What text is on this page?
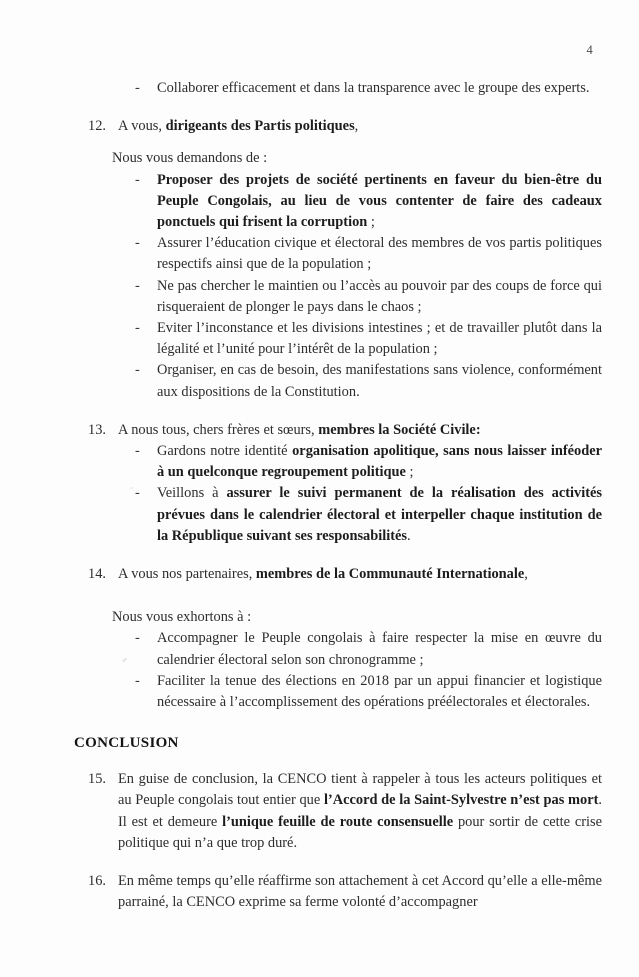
4
- Collaborer efficacement et dans la transparence avec le groupe des experts.
12. A vous, dirigeants des Partis politiques,
Nous vous demandons de :
- Proposer des projets de société pertinents en faveur du bien-être du Peuple Congolais, au lieu de vous contenter de faire des cadeaux ponctuels qui frisent la corruption ;
- Assurer l’éducation civique et électoral des membres de vos partis politiques respectifs ainsi que de la population ;
- Ne pas chercher le maintien ou l’accès au pouvoir par des coups de force qui risqueraient de plonger le pays dans le chaos ;
- Eviter l’inconstance et les divisions intestines ; et de travailler plutôt dans la légalité et l’unité pour l’intérêt de la population ;
- Organiser, en cas de besoin, des manifestations sans violence, conformément aux dispositions de la Constitution.
13. A nous tous, chers frères et sœurs, membres la Société Civile:
- Gardons notre identité organisation apolitique, sans nous laisser inféoder à un quelconque regroupement politique ;
- Veillons à assurer le suivi permanent de la réalisation des activités prévues dans le calendrier électoral et interpeller chaque institution de la République suivant ses responsabilités.
14. A vous nos partenaires, membres de la Communauté Internationale,
Nous vous exhortons à :
- Accompagner le Peuple congolais à faire respecter la mise en œuvre du calendrier électoral selon son chronogramme ;
- Faciliter la tenue des élections en 2018 par un appui financier et logistique nécessaire à l’accomplissement des opérations préélectorales et électorales.
CONCLUSION
15. En guise de conclusion, la CENCO tient à rappeler à tous les acteurs politiques et au Peuple congolais tout entier que l’Accord de la Saint-Sylvestre n’est pas mort. Il est et demeure l’unique feuille de route consensuelle pour sortir de cette crise politique qui n’a que trop duré.
16. En même temps qu’elle réaffirme son attachement à cet Accord qu’elle a elle-même parrainé, la CENCO exprime sa ferme volonté d’accompagner
